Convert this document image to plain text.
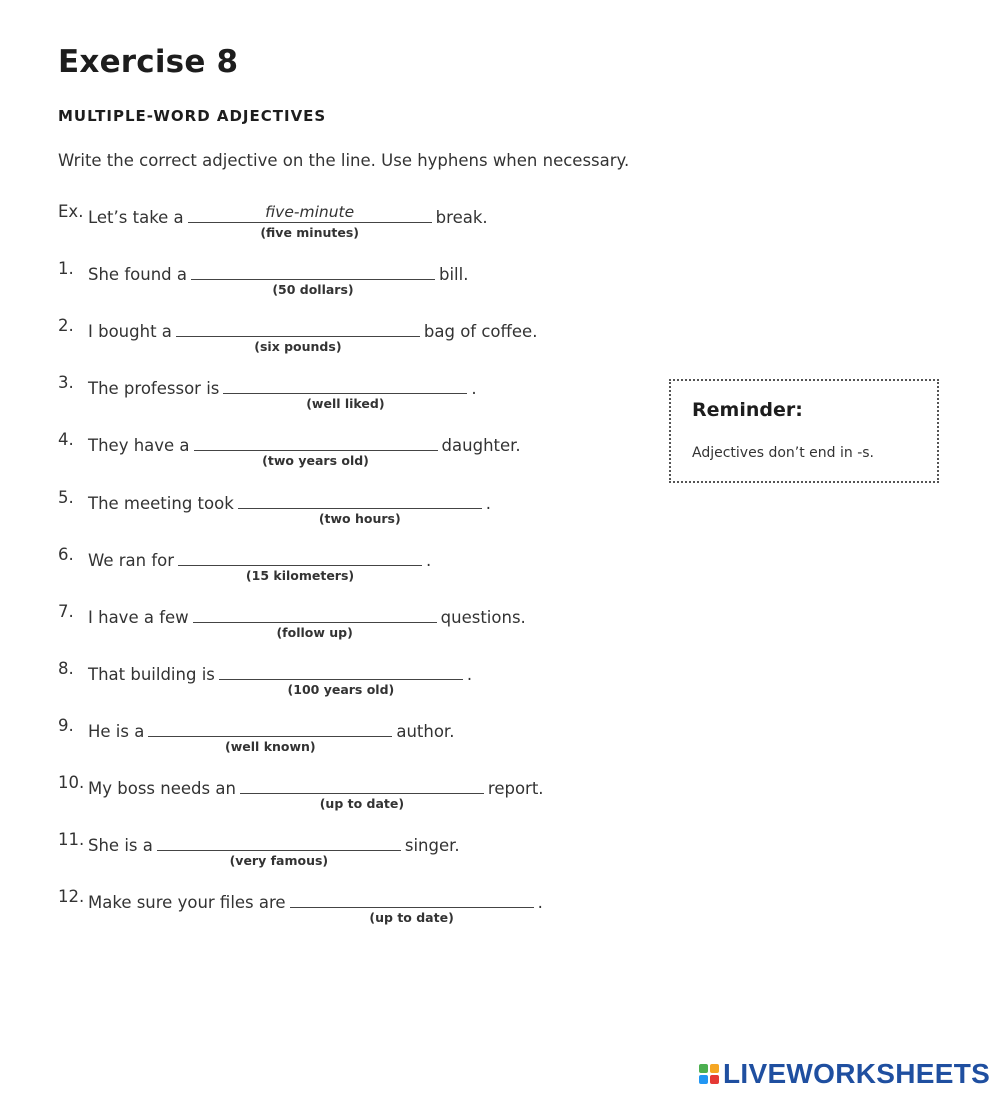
Exercise 8
MULTIPLE-WORD ADJECTIVES
Write the correct adjective on the line. Use hyphens when necessary.
Ex. Let’s take a	five-minute
(five minutes)
break.
1. She found a
(50 dollars)
bill.
2. I bought a
(six pounds)
bag of coffee.
3. The professor is
(well liked)
.
4. They have a
(two years old)
daughter.
5. The meeting took
(two hours)
.
6. We ran for
(15 kilometers)
.
7. I have a few
(follow up)
questions.
8. That building is
(100 years old)
.
9. He is a
(well known)
author.
10. My boss needs an
(up to date)
report.
11. She is a
(very famous)
singer.
12. Make sure your files are
(up to date)
.
Reminder:
Adjectives don’t end in -s.
LIVEWORKSHEETS
